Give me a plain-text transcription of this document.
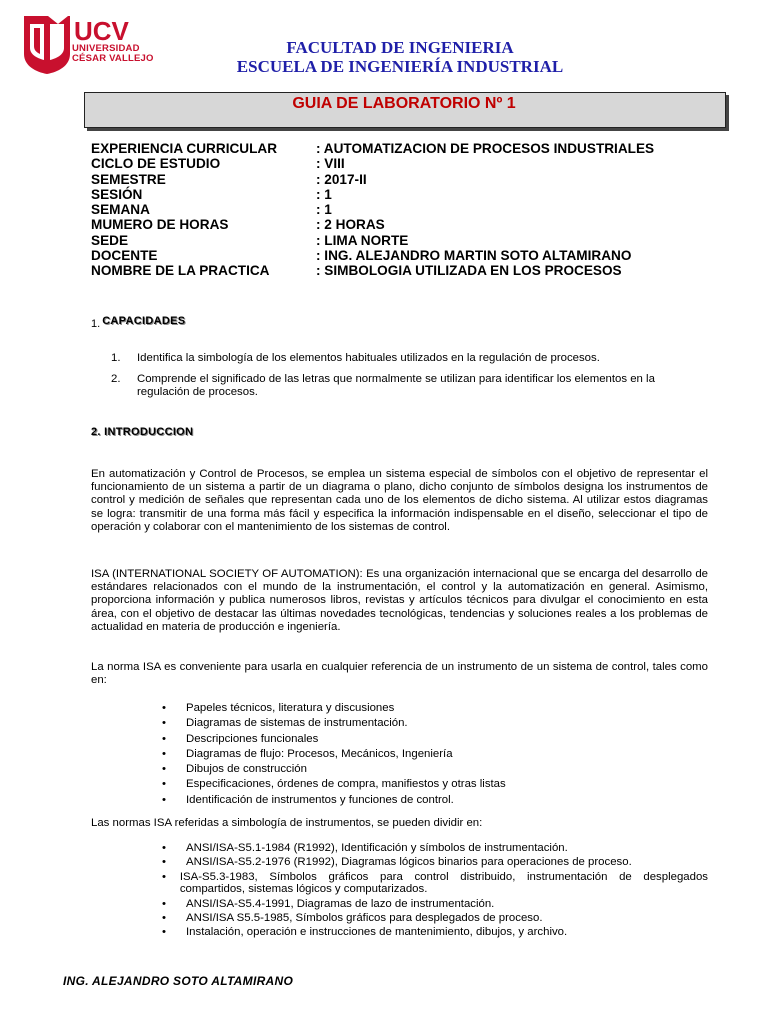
UCV
UNIVERSIDAD
CÉSAR VALLEJO
FACULTAD DE INGENIERIA
ESCUELA DE INGENIERÍA INDUSTRIAL
GUIA DE LABORATORIO Nº 1
EXPERIENCIA CURRICULAR	: AUTOMATIZACION DE PROCESOS INDUSTRIALES
CICLO DE ESTUDIO	: VIII
SEMESTRE	: 2017-II
SESIÓN	: 1
SEMANA	: 1
MUMERO DE HORAS	: 2 HORAS
SEDE	: LIMA NORTE
DOCENTE	: ING. ALEJANDRO MARTIN SOTO ALTAMIRANO
NOMBRE DE LA PRACTICA	: SIMBOLOGIA UTILIZADA EN LOS PROCESOS
1. CAPACIDADES
1.	Identifica la simbología de los elementos habituales utilizados en la regulación de procesos.
2.	Comprende el significado de las letras que normalmente se utilizan para identificar los elementos en la regulación de procesos.
2. INTRODUCCION
En automatización y Control de Procesos, se emplea un sistema especial de símbolos con el objetivo de representar el funcionamiento de un sistema a partir de un diagrama o plano, dicho conjunto de símbolos designa los instrumentos de control y medición de señales que representan cada uno de los elementos de dicho sistema. Al utilizar estos diagramas se logra: transmitir de una forma más fácil y especifica la información indispensable en el diseño, seleccionar el tipo de operación y colaborar con el mantenimiento de los sistemas de control.
ISA (INTERNATIONAL SOCIETY OF AUTOMATION): Es una organización internacional que se encarga del desarrollo de estándares relacionados con el mundo de la instrumentación, el control y la automatización en general. Asimismo, proporciona información y publica numerosos libros, revistas y artículos técnicos para divulgar el conocimiento en esta área, con el objetivo de destacar las últimas novedades tecnológicas, tendencias y soluciones reales a los problemas de actualidad en materia de producción e ingeniería.
La norma ISA es conveniente para usarla en cualquier referencia de un instrumento de un sistema de control, tales como en:
•	Papeles técnicos, literatura y discusiones
•	Diagramas de sistemas de instrumentación.
•	Descripciones funcionales
•	Diagramas de flujo: Procesos, Mecánicos, Ingeniería
•	Dibujos de construcción
•	Especificaciones, órdenes de compra, manifiestos y otras listas
•	Identificación de instrumentos y funciones de control.
Las normas ISA referidas a simbología de instrumentos, se pueden dividir en:
•	ANSI/ISA-S5.1-1984 (R1992), Identificación y símbolos de instrumentación.
•	ANSI/ISA-S5.2-1976 (R1992), Diagramas lógicos binarios para operaciones de proceso.
•	ISA-S5.3-1983, Símbolos gráficos para control distribuido, instrumentación de desplegados compartidos, sistemas lógicos y computarizados.
•	ANSI/ISA-S5.4-1991, Diagramas de lazo de instrumentación.
•	ANSI/ISA S5.5-1985, Símbolos gráficos para desplegados de proceso.
•	Instalación, operación e instrucciones de mantenimiento, dibujos, y archivo.
ING. ALEJANDRO SOTO ALTAMIRANO
